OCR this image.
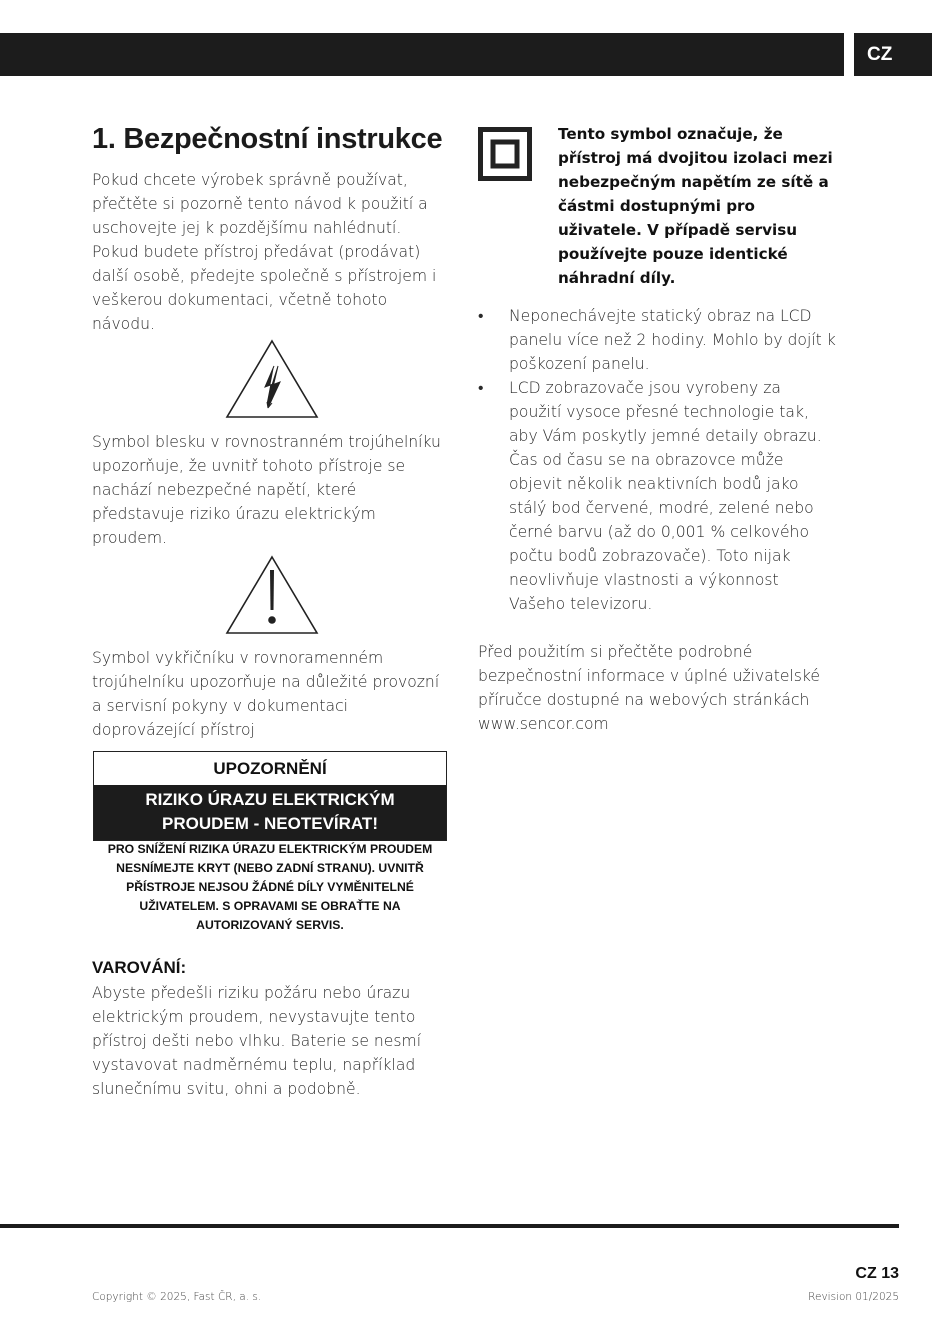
CZ
1. Bezpečnostní instrukce

Pokud chcete výrobek správně používat, přečtěte si pozorně tento návod k použití a uschovejte jej k pozdějšímu nahlédnutí. Pokud budete přístroj předávat (prodávat) další osobě, předejte společně s přístrojem i veškerou dokumentaci, včetně tohoto návodu.

Symbol blesku v rovnostranném trojúhelníku upozorňuje, že uvnitř tohoto přístroje se nachází nebezpečné napětí, které představuje riziko úrazu elektrickým proudem.

Symbol vykřičníku v rovnoramenném trojúhelníku upozorňuje na důležité provozní a servisní pokyny v dokumentaci doprovázející přístroj

UPOZORNĚNÍ
RIZIKO ÚRAZU ELEKTRICKÝM
PROUDEM - NEOTEVÍRAT!

PRO SNÍŽENÍ RIZIKA ÚRAZU ELEKTRICKÝM PROUDEM NESNÍMEJTE KRYT (NEBO ZADNÍ STRANU). UVNITŘ PŘÍSTROJE NEJSOU ŽÁDNÉ DÍLY VYMĚNITELNÉ UŽIVATELEM. S OPRAVAMI SE OBRAŤTE NA AUTORIZOVANÝ SERVIS.

VAROVÁNÍ:

Abyste předešli riziku požáru nebo úrazu elektrickým proudem, nevystavujte tento přístroj dešti nebo vlhku. Baterie se nesmí vystavovat nadměrnému teplu, například slunečnímu svitu, ohni a podobně.

Tento symbol označuje, že přístroj má dvojitou izolaci mezi nebezpečným napětím ze sítě a částmi dostupnými pro uživatele. V případě servisu používejte pouze identické náhradní díly.

• Neponechávejte statický obraz na LCD panelu více než 2 hodiny. Mohlo by dojít k poškození panelu.
• LCD zobrazovače jsou vyrobeny za použití vysoce přesné technologie tak, aby Vám poskytly jemné detaily obrazu. Čas od času se na obrazovce může objevit několik neaktivních bodů jako stálý bod červené, modré, zelené nebo černé barvu (až do 0,001 % celkového počtu bodů zobrazovače). Toto nijak neovlivňuje vlastnosti a výkonnost Vašeho televizoru.

Před použitím si přečtěte podrobné bezpečnostní informace v úplné uživatelské příručce dostupné na webových stránkách www.sencor.com

CZ 13
Copyright © 2025, Fast ČR, a. s.	Revision 01/2025
